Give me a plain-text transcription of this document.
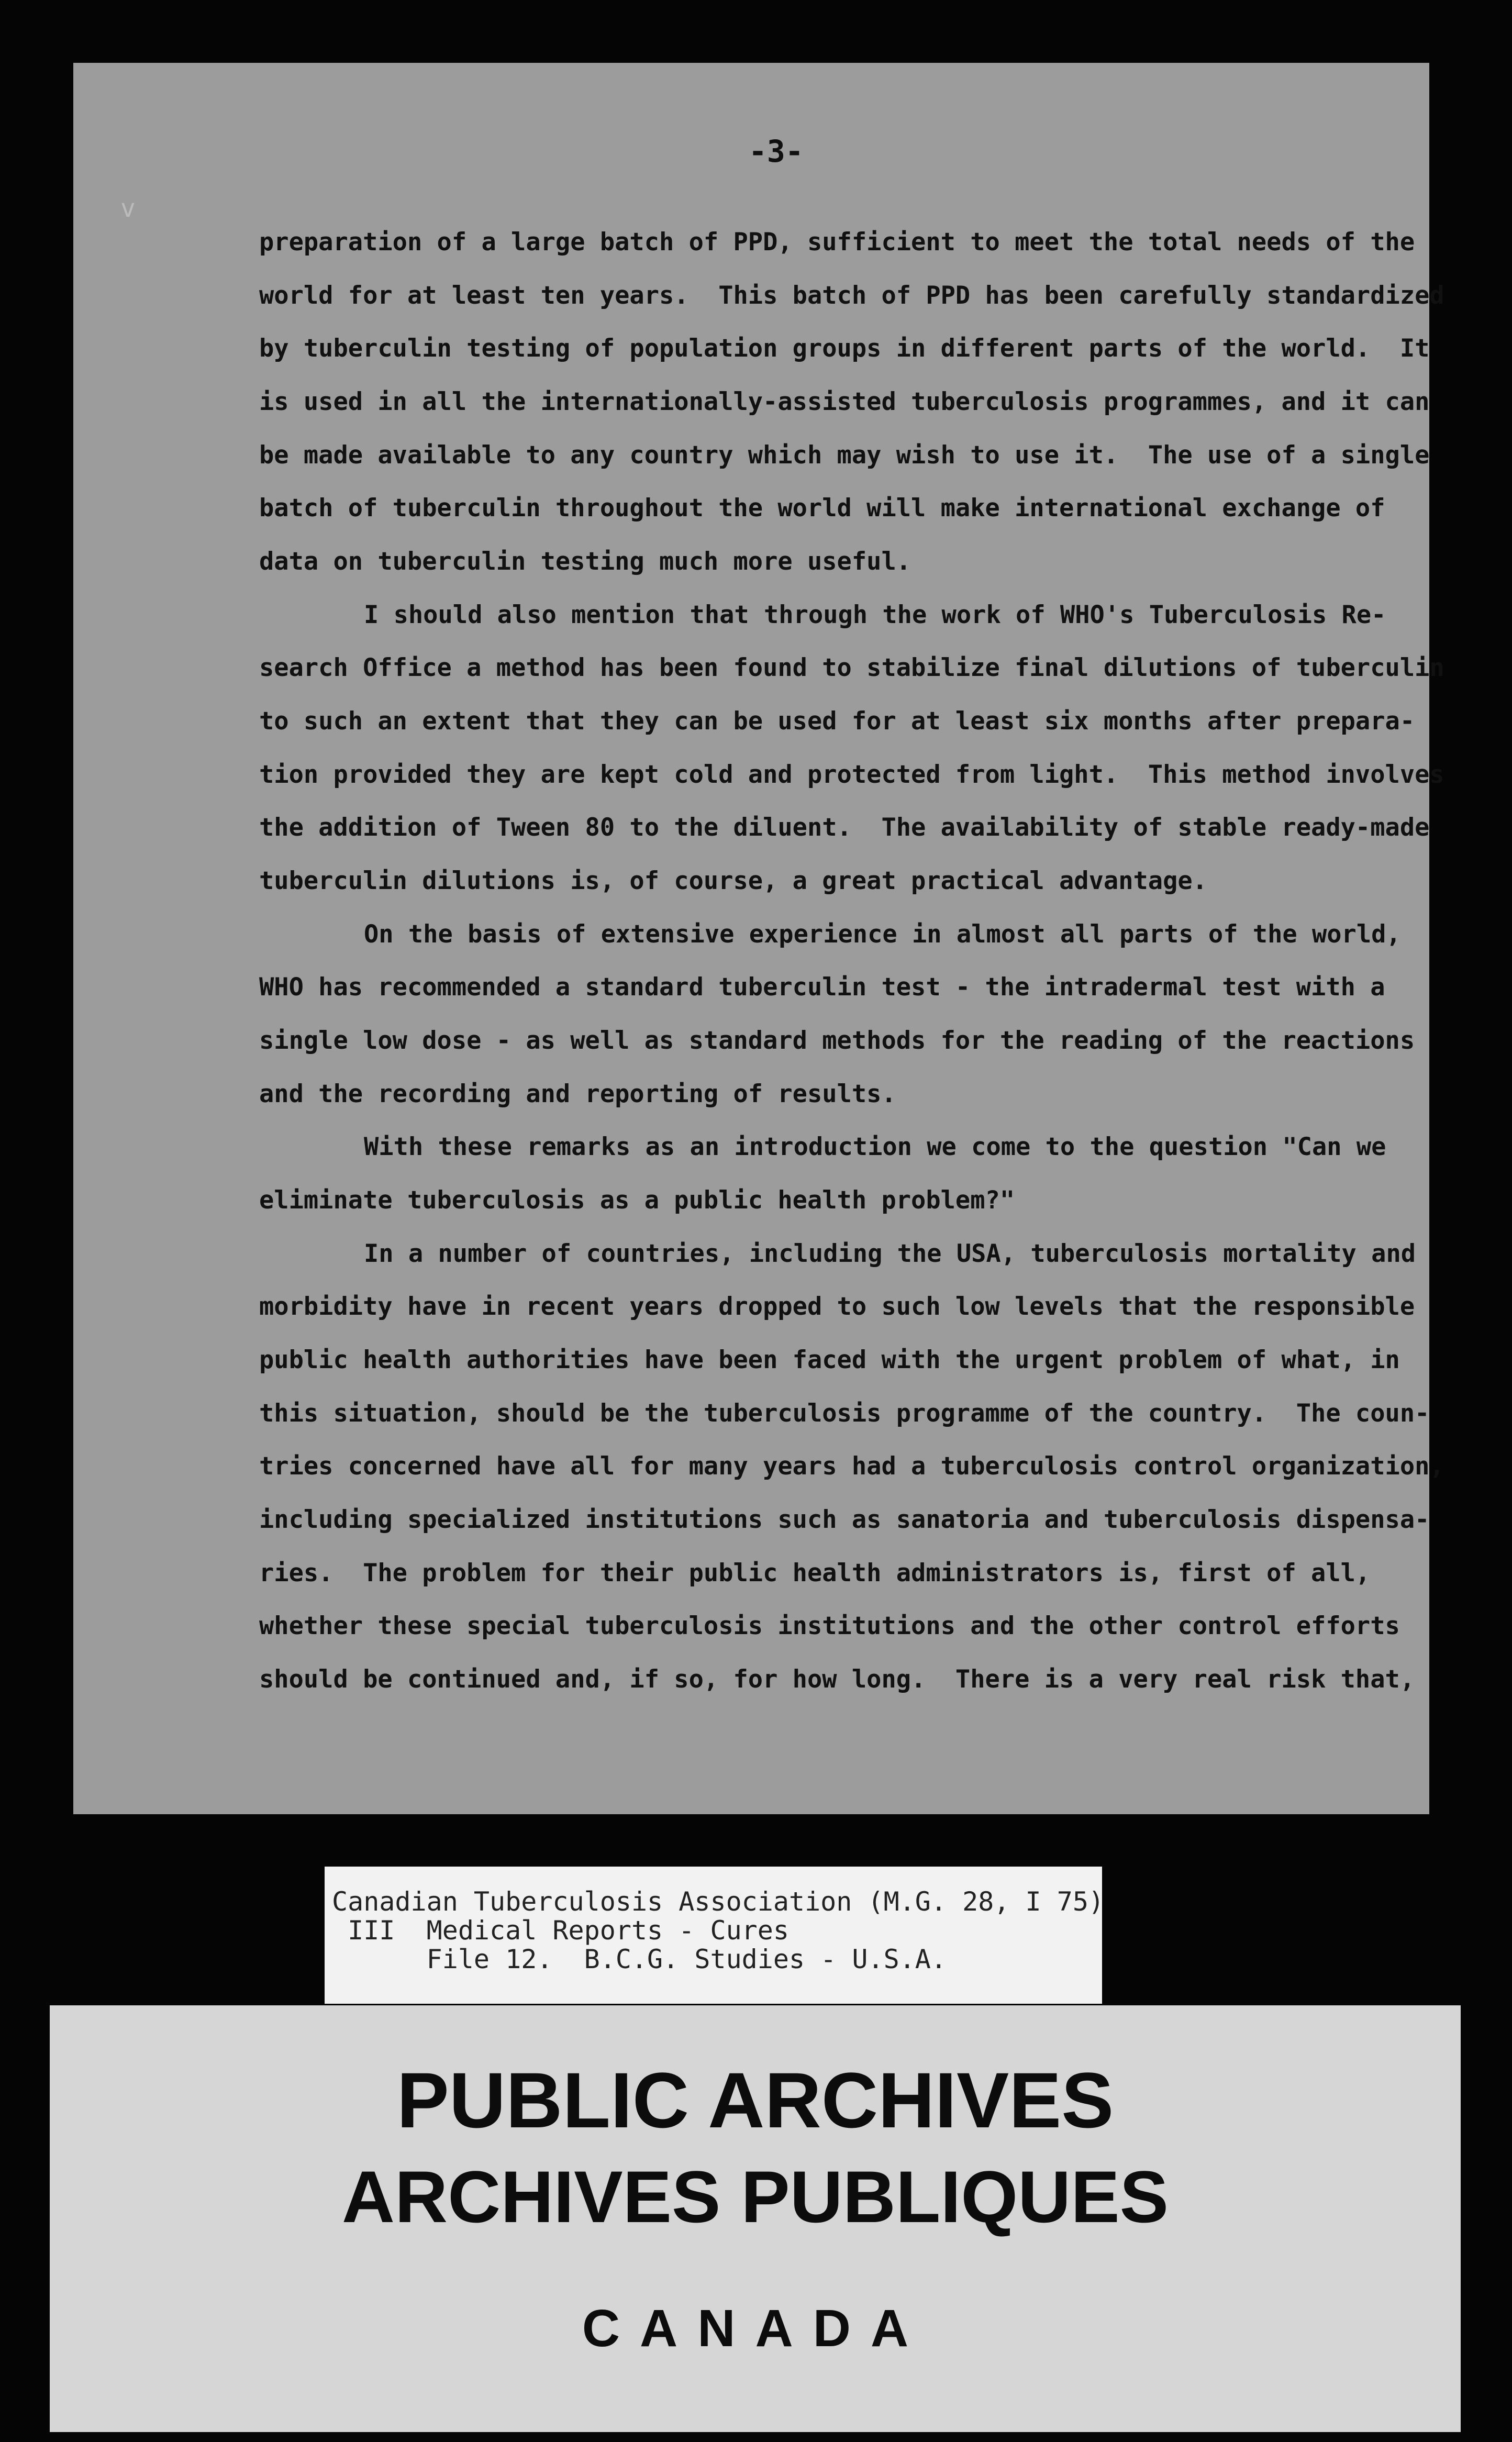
v
-3-
preparation of a large batch of PPD, sufficient to meet the total needs of the
world for at least ten years.  This batch of PPD has been carefully standardized
by tuberculin testing of population groups in different parts of the world.  It
is used in all the internationally-assisted tuberculosis programmes, and it can
be made available to any country which may wish to use it.  The use of a single
batch of tuberculin throughout the world will make international exchange of
data on tuberculin testing much more useful.
I should also mention that through the work of WHO's Tuberculosis Re-
search Office a method has been found to stabilize final dilutions of tuberculin
to such an extent that they can be used for at least six months after prepara-
tion provided they are kept cold and protected from light.  This method involves
the addition of Tween 80 to the diluent.  The availability of stable ready-made
tuberculin dilutions is, of course, a great practical advantage.
On the basis of extensive experience in almost all parts of the world,
WHO has recommended a standard tuberculin test - the intradermal test with a
single low dose - as well as standard methods for the reading of the reactions
and the recording and reporting of results.
With these remarks as an introduction we come to the question "Can we
eliminate tuberculosis as a public health problem?"
In a number of countries, including the USA, tuberculosis mortality and
morbidity have in recent years dropped to such low levels that the responsible
public health authorities have been faced with the urgent problem of what, in
this situation, should be the tuberculosis programme of the country.  The coun-
tries concerned have all for many years had a tuberculosis control organization,
including specialized institutions such as sanatoria and tuberculosis dispensa-
ries.  The problem for their public health administrators is, first of all,
whether these special tuberculosis institutions and the other control efforts
should be continued and, if so, for how long.  There is a very real risk that,
Canadian Tuberculosis Association (M.G. 28, I 75)
III  Medical Reports - Cures
File 12.  B.C.G. Studies - U.S.A.
PUBLIC ARCHIVES
ARCHIVES PUBLIQUES
CANADA
